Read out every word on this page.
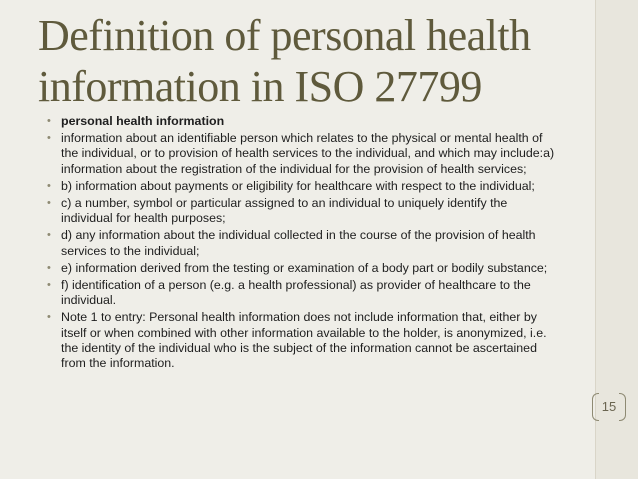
Definition of personal health information in ISO 27799
• personal health information
• information about an identifiable person which relates to the physical or mental health of the individual, or to provision of health services to the individual, and which may include:a) information about the registration of the individual for the provision of health services;
• b) information about payments or eligibility for healthcare with respect to the individual;
• c) a number, symbol or particular assigned to an individual to uniquely identify the individual for health purposes;
• d) any information about the individual collected in the course of the provision of health services to the individual;
• e) information derived from the testing or examination of a body part or bodily substance;
• f) identification of a person (e.g. a health professional) as provider of healthcare to the individual.
• Note 1 to entry: Personal health information does not include information that, either by itself or when combined with other information available to the holder, is anonymized, i.e. the identity of the individual who is the subject of the information cannot be ascertained from the information.
15
